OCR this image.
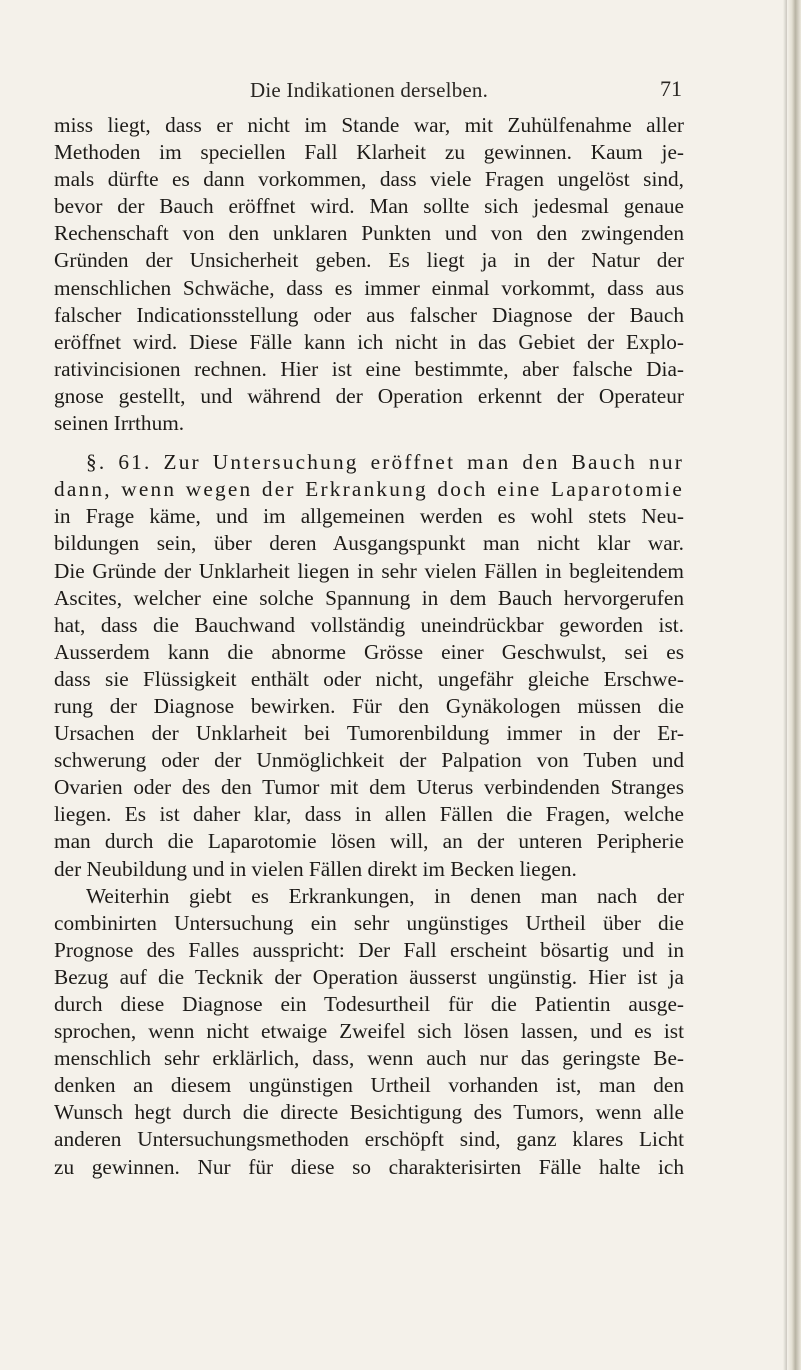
Die Indikationen derselben.	71
miss liegt, dass er nicht im Stande war, mit Zuhülfenahme aller
Methoden im speciellen Fall Klarheit zu gewinnen. Kaum je-
mals dürfte es dann vorkommen, dass viele Fragen ungelöst sind,
bevor der Bauch eröffnet wird. Man sollte sich jedesmal genaue
Rechenschaft von den unklaren Punkten und von den zwingenden
Gründen der Unsicherheit geben. Es liegt ja in der Natur der
menschlichen Schwäche, dass es immer einmal vorkommt, dass aus
falscher Indicationsstellung oder aus falscher Diagnose der Bauch
eröffnet wird. Diese Fälle kann ich nicht in das Gebiet der Explo-
rativincisionen rechnen. Hier ist eine bestimmte, aber falsche Dia-
gnose gestellt, und während der Operation erkennt der Operateur
seinen Irrthum.
§. 61. Zur Untersuchung eröffnet man den Bauch nur
dann, wenn wegen der Erkrankung doch eine Laparotomie
in Frage käme, und im allgemeinen werden es wohl stets Neu-
bildungen sein, über deren Ausgangspunkt man nicht klar war.
Die Gründe der Unklarheit liegen in sehr vielen Fällen in begleitendem
Ascites, welcher eine solche Spannung in dem Bauch hervorgerufen
hat, dass die Bauchwand vollständig uneindrückbar geworden ist.
Ausserdem kann die abnorme Grösse einer Geschwulst, sei es
dass sie Flüssigkeit enthält oder nicht, ungefähr gleiche Erschwe-
rung der Diagnose bewirken. Für den Gynäkologen müssen die
Ursachen der Unklarheit bei Tumorenbildung immer in der Er-
schwerung oder der Unmöglichkeit der Palpation von Tuben und
Ovarien oder des den Tumor mit dem Uterus verbindenden Stranges
liegen. Es ist daher klar, dass in allen Fällen die Fragen, welche
man durch die Laparotomie lösen will, an der unteren Peripherie
der Neubildung und in vielen Fällen direkt im Becken liegen.
Weiterhin giebt es Erkrankungen, in denen man nach der
combinirten Untersuchung ein sehr ungünstiges Urtheil über die
Prognose des Falles ausspricht: Der Fall erscheint bösartig und in
Bezug auf die Tecknik der Operation äusserst ungünstig. Hier ist ja
durch diese Diagnose ein Todesurtheil für die Patientin ausge-
sprochen, wenn nicht etwaige Zweifel sich lösen lassen, und es ist
menschlich sehr erklärlich, dass, wenn auch nur das geringste Be-
denken an diesem ungünstigen Urtheil vorhanden ist, man den
Wunsch hegt durch die directe Besichtigung des Tumors, wenn alle
anderen Untersuchungsmethoden erschöpft sind, ganz klares Licht
zu gewinnen. Nur für diese so charakterisirten Fälle halte ich
